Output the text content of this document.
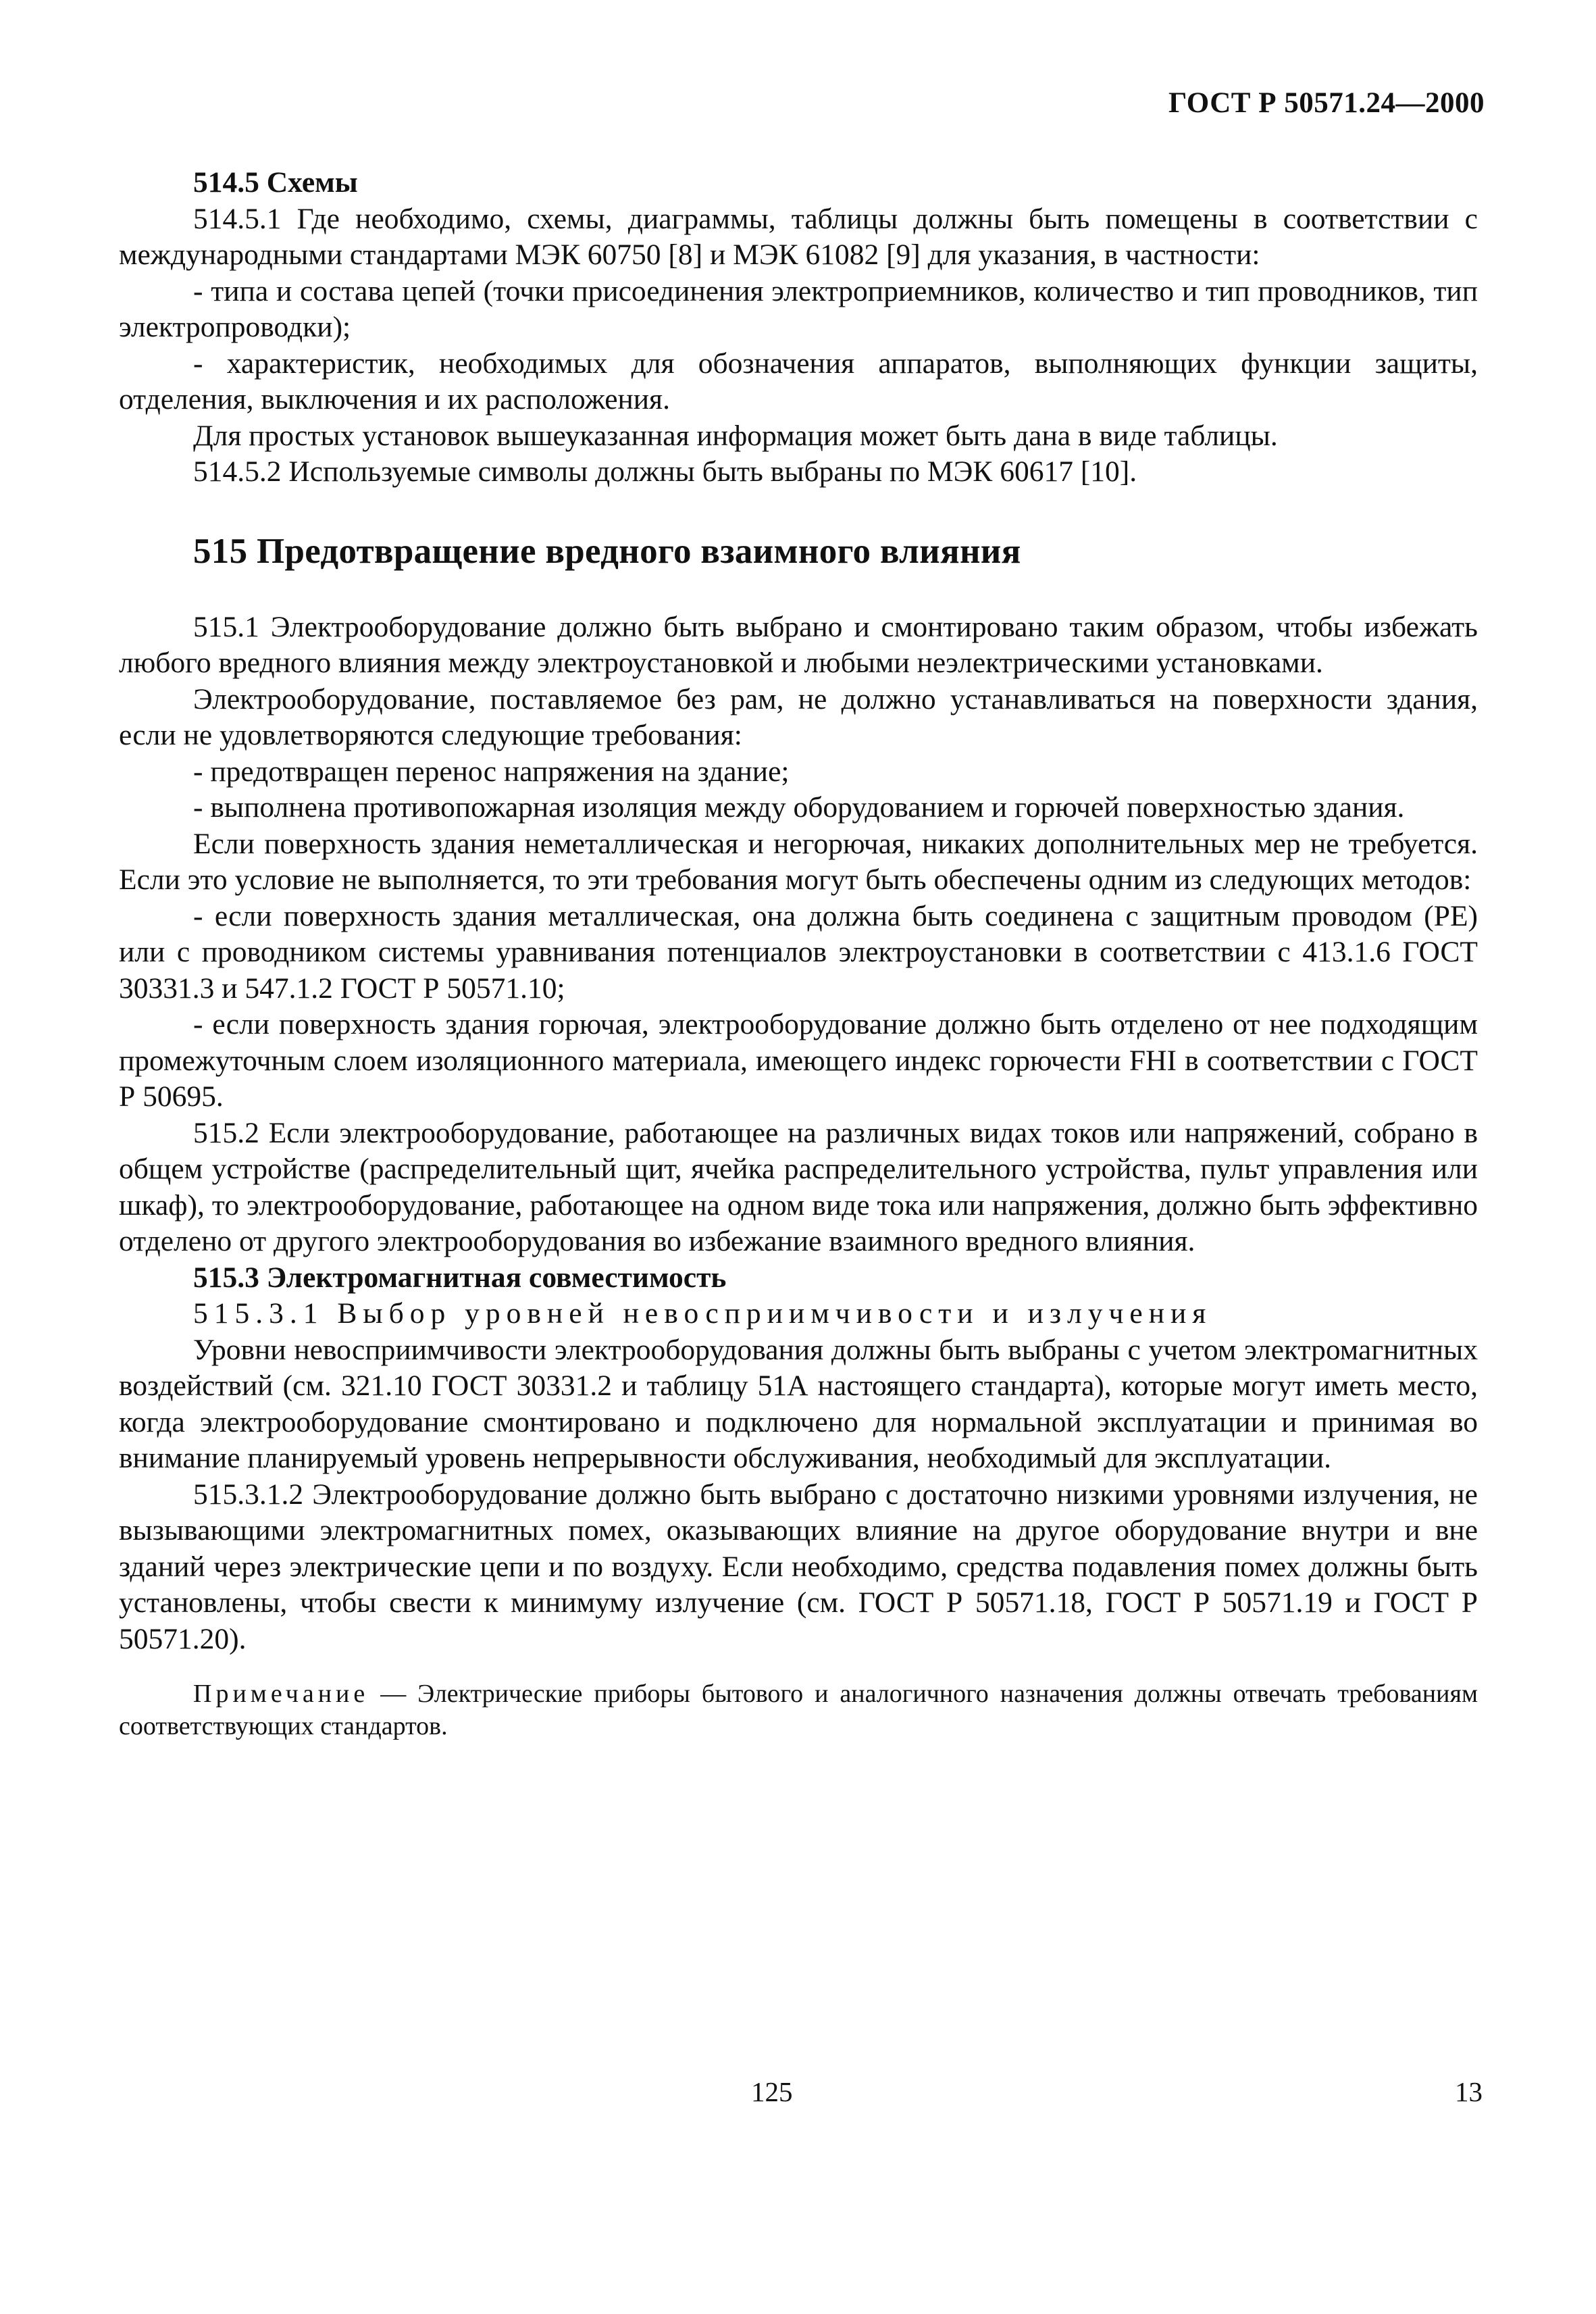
ГОСТ Р 50571.24—2000

514.5 Схемы

514.5.1 Где необходимо, схемы, диаграммы, таблицы должны быть помещены в соответствии с международными стандартами МЭК 60750 [8] и МЭК 61082 [9] для указания, в частности:

- типа и состава цепей (точки присоединения электроприемников, количество и тип проводников, тип электропроводки);

- характеристик, необходимых для обозначения аппаратов, выполняющих функции защиты, отделения, выключения и их расположения.

Для простых установок вышеуказанная информация может быть дана в виде таблицы.

514.5.2 Используемые символы должны быть выбраны по МЭК 60617 [10].

515 Предотвращение вредного взаимного влияния

515.1 Электрооборудование должно быть выбрано и смонтировано таким образом, чтобы избежать любого вредного влияния между электроустановкой и любыми неэлектрическими установками.

Электрооборудование, поставляемое без рам, не должно устанавливаться на поверхности здания, если не удовлетворяются следующие требования:

- предотвращен перенос напряжения на здание;

- выполнена противопожарная изоляция между оборудованием и горючей поверхностью здания.

Если поверхность здания неметаллическая и негорючая, никаких дополнительных мер не требуется. Если это условие не выполняется, то эти требования могут быть обеспечены одним из следующих методов:

- если поверхность здания металлическая, она должна быть соединена с защитным проводом (PE) или с проводником системы уравнивания потенциалов электроустановки в соответствии с 413.1.6 ГОСТ 30331.3 и 547.1.2 ГОСТ Р 50571.10;

- если поверхность здания горючая, электрооборудование должно быть отделено от нее подходящим промежуточным слоем изоляционного материала, имеющего индекс горючести FHI в соответствии с ГОСТ Р 50695.

515.2 Если электрооборудование, работающее на различных видах токов или напряжений, собрано в общем устройстве (распределительный щит, ячейка распределительного устройства, пульт управления или шкаф), то электрооборудование, работающее на одном виде тока или напряжения, должно быть эффективно отделено от другого электрооборудования во избежание взаимного вредного влияния.

515.3 Электромагнитная совместимость

515.3.1 Выбор уровней невосприимчивости и излучения

Уровни невосприимчивости электрооборудования должны быть выбраны с учетом электромагнитных воздействий (см. 321.10 ГОСТ 30331.2 и таблицу 51А настоящего стандарта), которые могут иметь место, когда электрооборудование смонтировано и подключено для нормальной эксплуатации и принимая во внимание планируемый уровень непрерывности обслуживания, необходимый для эксплуатации.

515.3.1.2 Электрооборудование должно быть выбрано с достаточно низкими уровнями излучения, не вызывающими электромагнитных помех, оказывающих влияние на другое оборудование внутри и вне зданий через электрические цепи и по воздуху. Если необходимо, средства подавления помех должны быть установлены, чтобы свести к минимуму излучение (см. ГОСТ Р 50571.18, ГОСТ Р 50571.19 и ГОСТ Р 50571.20).

Примечание — Электрические приборы бытового и аналогичного назначения должны отвечать требованиям соответствующих стандартов.

125	13
